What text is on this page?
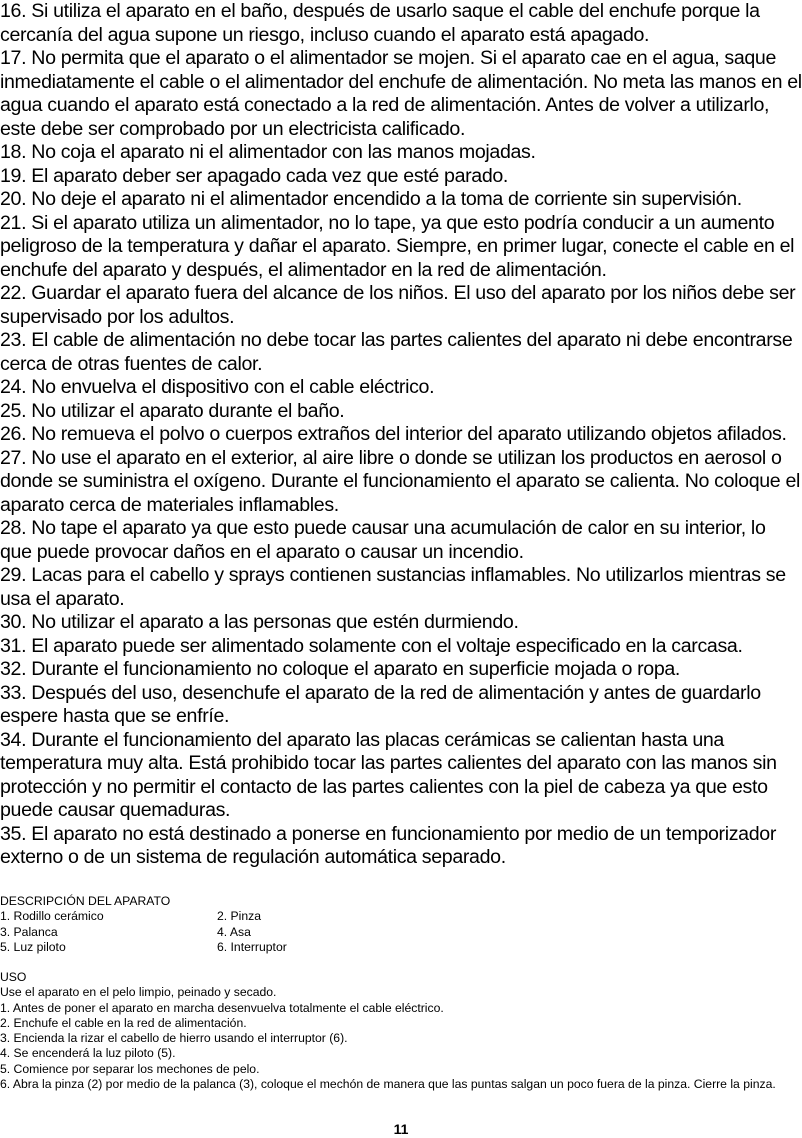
16. Si utiliza el aparato en el baño, después de usarlo saque el cable del enchufe porque la cercanía del agua supone un riesgo, incluso cuando el aparato está apagado.

17. No permita que el aparato o el alimentador se mojen. Si el aparato cae en el agua, saque inmediatamente el cable o el alimentador del enchufe de alimentación. No meta las manos en el agua cuando el aparato está conectado a la red de alimentación. Antes de volver a utilizarlo, este debe ser comprobado por un electricista calificado.

18. No coja el aparato ni el alimentador con las manos mojadas.

19. El aparato deber ser apagado cada vez que esté parado.

20. No deje el aparato ni el alimentador encendido a la toma de corriente sin supervisión.

21. Si el aparato utiliza un alimentador, no lo tape, ya que esto podría conducir a un aumento peligroso de la temperatura y dañar el aparato. Siempre, en primer lugar, conecte el cable en el enchufe del aparato y después, el alimentador en la red de alimentación.

22. Guardar el aparato fuera del alcance de los niños. El uso del aparato por los niños debe ser supervisado por los adultos.

23. El cable de alimentación no debe tocar las partes calientes del aparato ni debe encontrarse cerca de otras fuentes de calor.

24. No envuelva el dispositivo con el cable eléctrico.

25. No utilizar el aparato durante el baño.

26. No remueva el polvo o cuerpos extraños del interior del aparato utilizando objetos afilados.

27. No use el aparato en el exterior, al aire libre o donde se utilizan los productos en aerosol o donde se suministra el oxígeno. Durante el funcionamiento el aparato se calienta. No coloque el aparato cerca de materiales inflamables.

28. No tape el aparato ya que esto puede causar una acumulación de calor en su interior, lo que puede provocar daños en el aparato o causar un incendio.

29. Lacas para el cabello y sprays contienen sustancias inflamables. No utilizarlos mientras se usa el aparato.

30. No utilizar el aparato a las personas que estén durmiendo.

31. El aparato puede ser alimentado solamente con el voltaje especificado en la carcasa.

32. Durante el funcionamiento no coloque el aparato en superficie mojada o ropa.

33. Después del uso, desenchufe el aparato de la red de alimentación y antes de guardarlo espere hasta que se enfríe.

34. Durante el funcionamiento del aparato las placas cerámicas se calientan hasta una temperatura muy alta. Está prohibido tocar las partes calientes del aparato con las manos sin protección y no permitir el contacto de las partes calientes con la piel de cabeza ya que esto puede causar quemaduras.

35. El aparato no está destinado a ponerse en funcionamiento por medio de un temporizador externo o de un sistema de regulación automática separado.

DESCRIPCIÓN DEL APARATO

1. Rodillo cerámico	2. Pinza
3. Palanca	4. Asa
5. Luz piloto	6. Interruptor

USO

Use el aparato en el pelo limpio, peinado y secado.

1. Antes de poner el aparato en marcha desenvuelva totalmente el cable eléctrico.

2. Enchufe el cable en la red de alimentación.

3. Encienda la rizar el cabello de hierro usando el interruptor (6).

4. Se encenderá la luz piloto (5).

5. Comience por separar los mechones de pelo.

6. Abra la pinza (2) por medio de la palanca (3), coloque el mechón de manera que las puntas salgan un poco fuera de la pinza. Cierre la pinza.

11
